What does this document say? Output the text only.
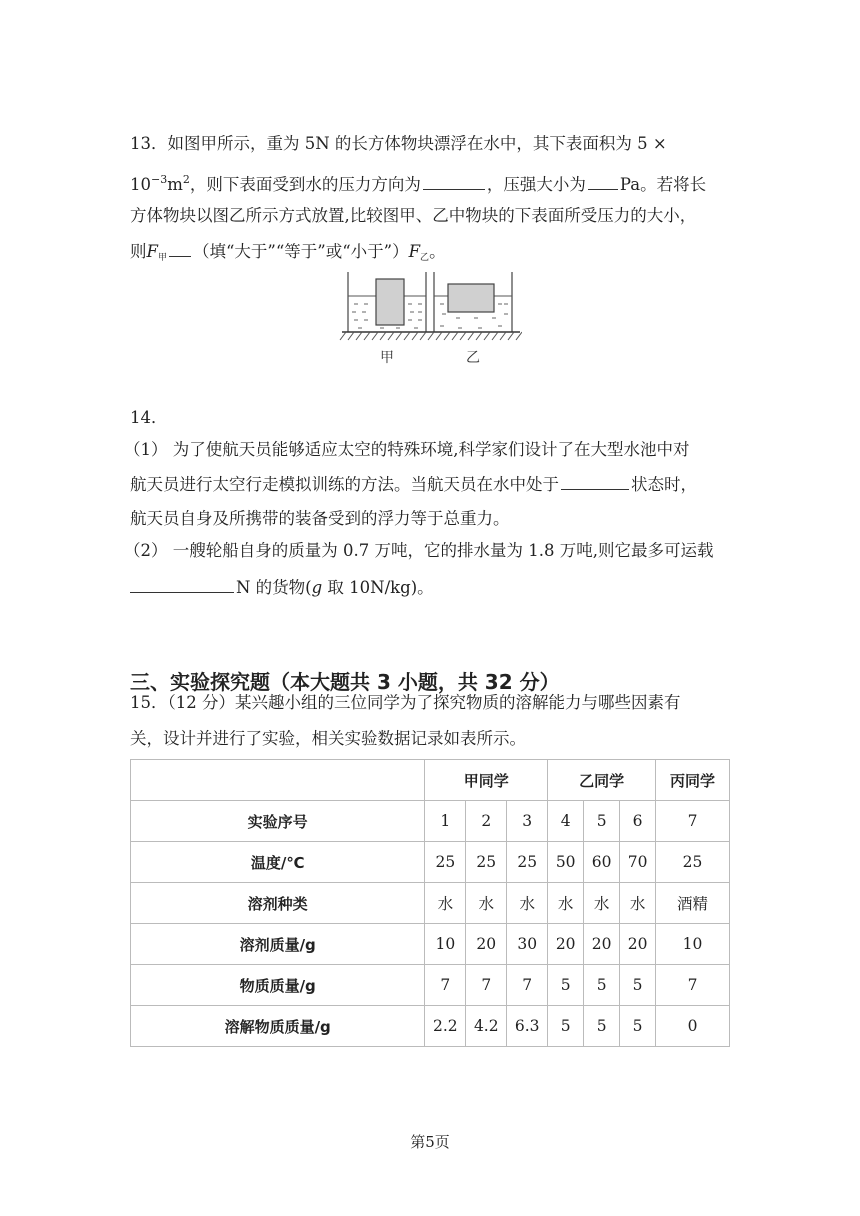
13．如图甲所示，重为 5N 的长方体物块漂浮在水中，其下表面积为 5 ×
$10^{-3}m^2$，则下表面受到水的压力方向为	，压强大小为 Pa。若将长
方体物块以图乙所示方式放置,比较图甲、乙中物块的下表面所受压力的大小，
则$F_甲$ （填“大于”“等于”或“小于$”)F_乙$。
甲	乙
14．
（1） 为了使航天员能够适应太空的特殊环境,科学家们设计了在大型水池中对
航天员进行太空行走模拟训练的方法。当航天员在水中处于	状态时，
航天员自身及所携带的装备受到的浮力等于总重力。
（2） 一艘轮船自身的质量为 0.7 万吨，它的排水量为 1.8 万吨,则它最多可运载
N 的货物(g 取 10N/kg)。
三、实验探究题（本大题共 3 小题，共 32 分）
15．（12 分）某兴趣小组的三位同学为了探究物质的溶解能力与哪些因素有
关，设计并进行了实验，相关实验数据记录如表所示。
	甲同学			乙同学			丙同学
实验序号	1	2	3	4	5	6	7
温度/℃	25	25	25	50	60	70	25
溶剂种类	水	水	水	水	水	水	酒精
溶剂质量/g	10	20	30	20	20	20	10
物质质量/g	7	7	7	5	5	5	7
溶解物质质量/g	2.2	4.2	6.3	5	5	5	0
第5页
